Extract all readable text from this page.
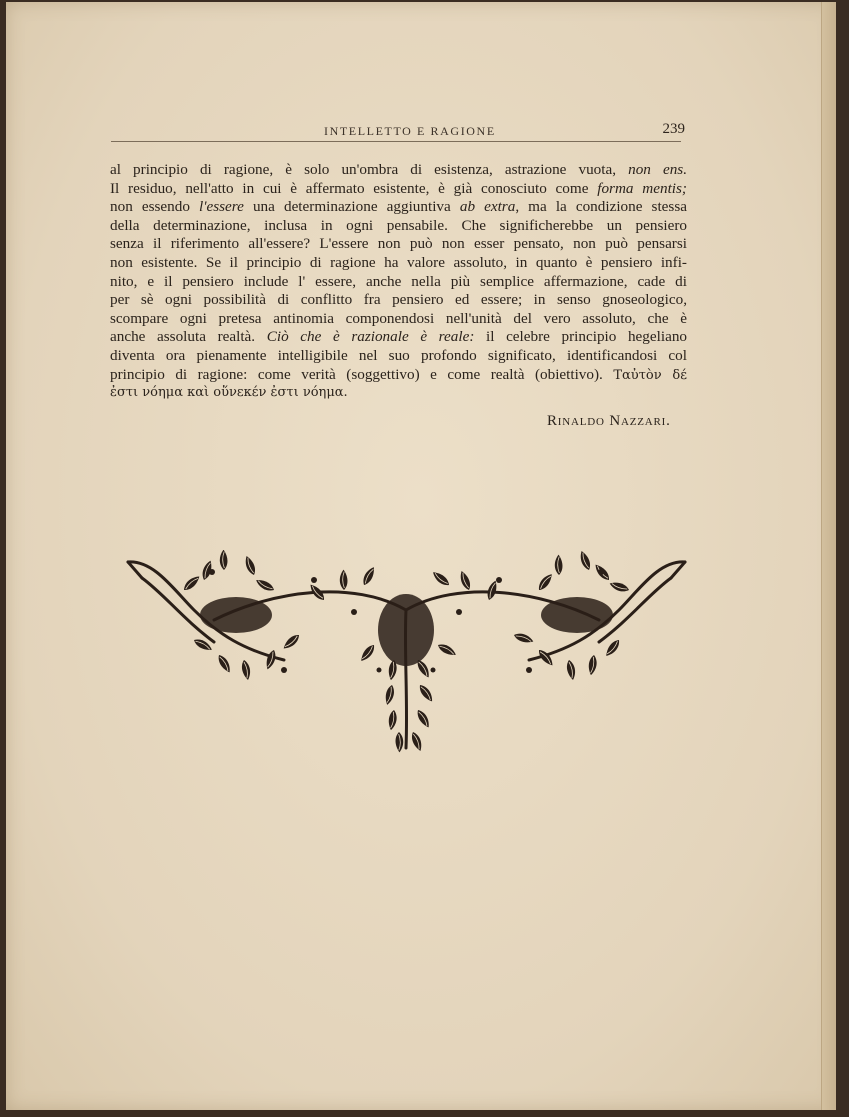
INTELLETTO E RAGIONE	239
al principio di ragione, è solo un'ombra di esistenza, astrazione vuota, non ens.
Il residuo, nell'atto in cui è affermato esistente, è già conosciuto come forma mentis;
non essendo l'essere una determinazione aggiuntiva ab extra, ma la condizione stessa
della determinazione, inclusa in ogni pensabile. Che significherebbe un pensiero
senza il riferimento all'essere? L'essere non può non esser pensato, non può pensarsi
non esistente. Se il principio di ragione ha valore assoluto, in quanto è pensiero infi-
nito, e il pensiero include l' essere, anche nella più semplice affermazione, cade di
per sè ogni possibilità di conflitto fra pensiero ed essere; in senso gnoseologico,
scompare ogni pretesa antinomia componendosi nell'unità del vero assoluto, che è
anche assoluta realtà. Ciò che è razionale è reale: il celebre principio hegeliano
diventa ora pienamente intelligibile nel suo profondo significato, identificandosi col
principio di ragione: come verità (soggettivo) e come realtà (obiettivo). Ταὐτὸν δέ
ἐστι νόημα καὶ οὕνεκέν ἐστι νόημα.
Rinaldo Nazzari.
